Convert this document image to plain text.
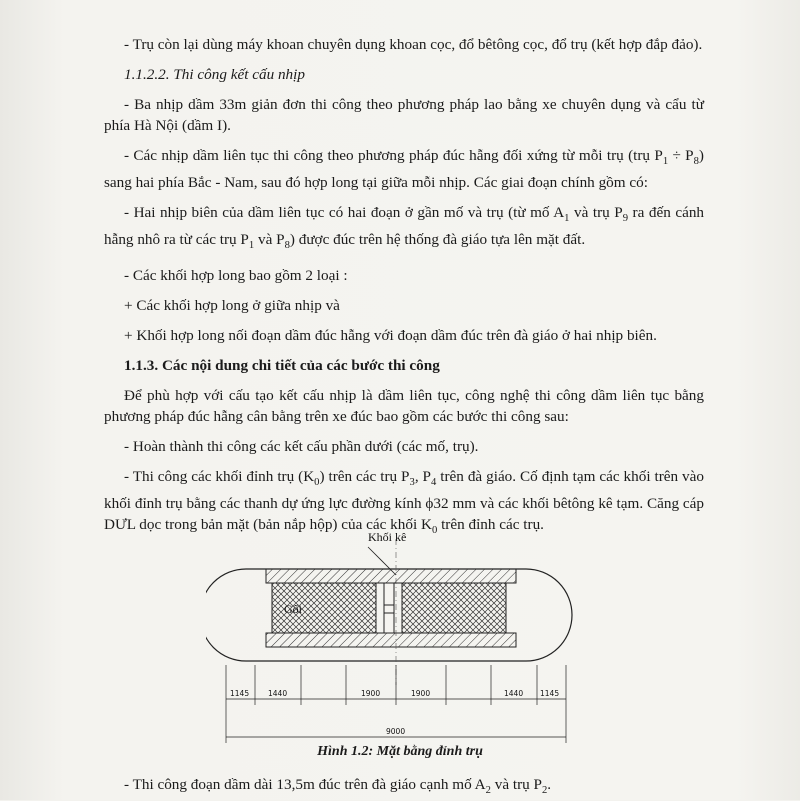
- Trụ còn lại dùng máy khoan chuyên dụng khoan cọc, đổ bêtông cọc, đổ trụ (kết hợp đắp đảo).

1.1.2.2. Thi công kết cấu nhịp

- Ba nhịp dầm 33m giản đơn thi công theo phương pháp lao bằng xe chuyên dụng và cẩu từ phía Hà Nội (dầm I).

- Các nhịp dầm liên tục thi công theo phương pháp đúc hẫng đối xứng từ mỗi trụ (trụ $P_1 \div P_8$) sang hai phía Bắc - Nam, sau đó hợp long tại giữa mỗi nhịp. Các giai đoạn chính gồm có:

- Hai nhịp biên của dầm liên tục có hai đoạn ở gần mố và trụ (từ mố $A_1$ và trụ $P_9$ ra đến cánh hẫng nhô ra từ các trụ $P_1$ và $P_8$) được đúc trên hệ thống đà giáo tựa lên mặt đất.

- Các khối hợp long bao gồm 2 loại :

+ Các khối hợp long ở giữa nhịp và

+ Khối hợp long nối đoạn dầm đúc hẫng với đoạn dầm đúc trên đà giáo ở hai nhịp biên.

1.1.3. Các nội dung chi tiết của các bước thi công

Để phù hợp với cấu tạo kết cấu nhịp là dầm liên tục, công nghệ thi công dầm liên tục bằng phương pháp đúc hẫng cân bằng trên xe đúc bao gồm các bước thi công sau:

- Hoàn thành thi công các kết cấu phần dưới (các mố, trụ).

- Thi công các khối đỉnh trụ $(K_0)$ trên các trụ $P_3$, $P_4$ trên đà giáo. Cố định tạm các khối trên vào khối đỉnh trụ bằng các thanh dự ứng lực đường kính ϕ32 mm và các khối bêtông kê tạm. Căng cáp DƯL dọc trong bản mặt (bản nắp hộp) của các khối $K_0$ trên đỉnh các trụ.

Khối kê
Gối
1145	1440	1900	1900	1440 1145
9000
Hình 1.2: Mặt bằng đỉnh trụ
- Thi công đoạn dầm dài 13,5m đúc trên đà giáo cạnh mố $A_2$ và trụ $P_2$.
